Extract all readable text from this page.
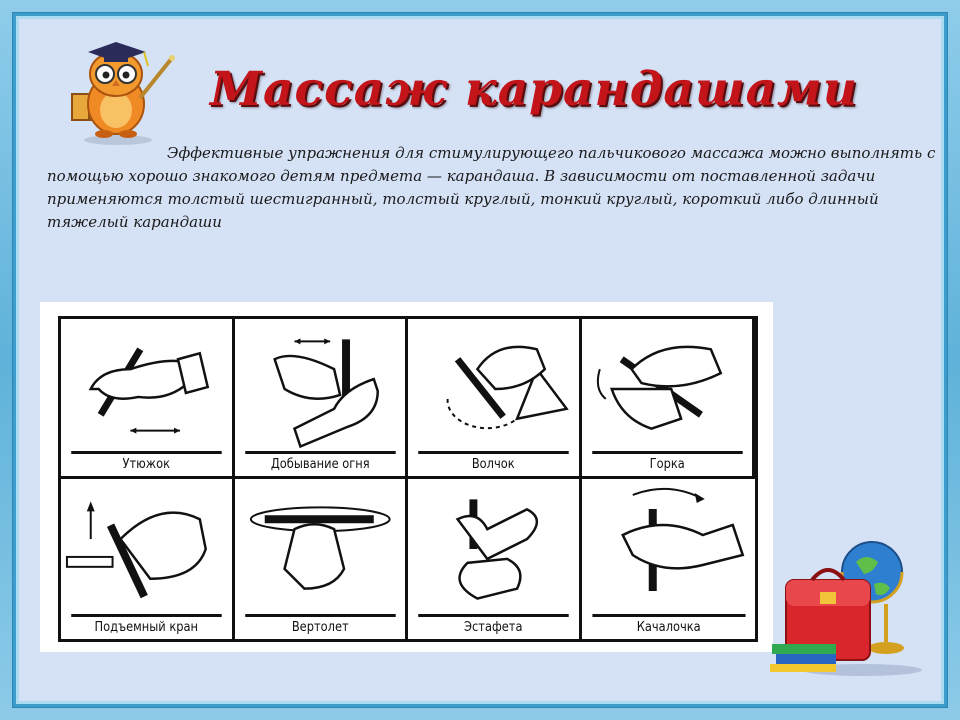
Массаж карандашами
Эффективные упражнения для стимулирующего пальчикового массажа можно выполнять с помощью хорошо знакомого детям предмета — карандаша. В зависимости от поставленной задачи применяются толстый шестигранный, толстый круглый, тонкий круглый, короткий либо длинный тяжелый карандаши
Утюжок	Добывание огня	Волчок	Горка
Подъемный кран	Вертолет	Эстафета	Качалочка
